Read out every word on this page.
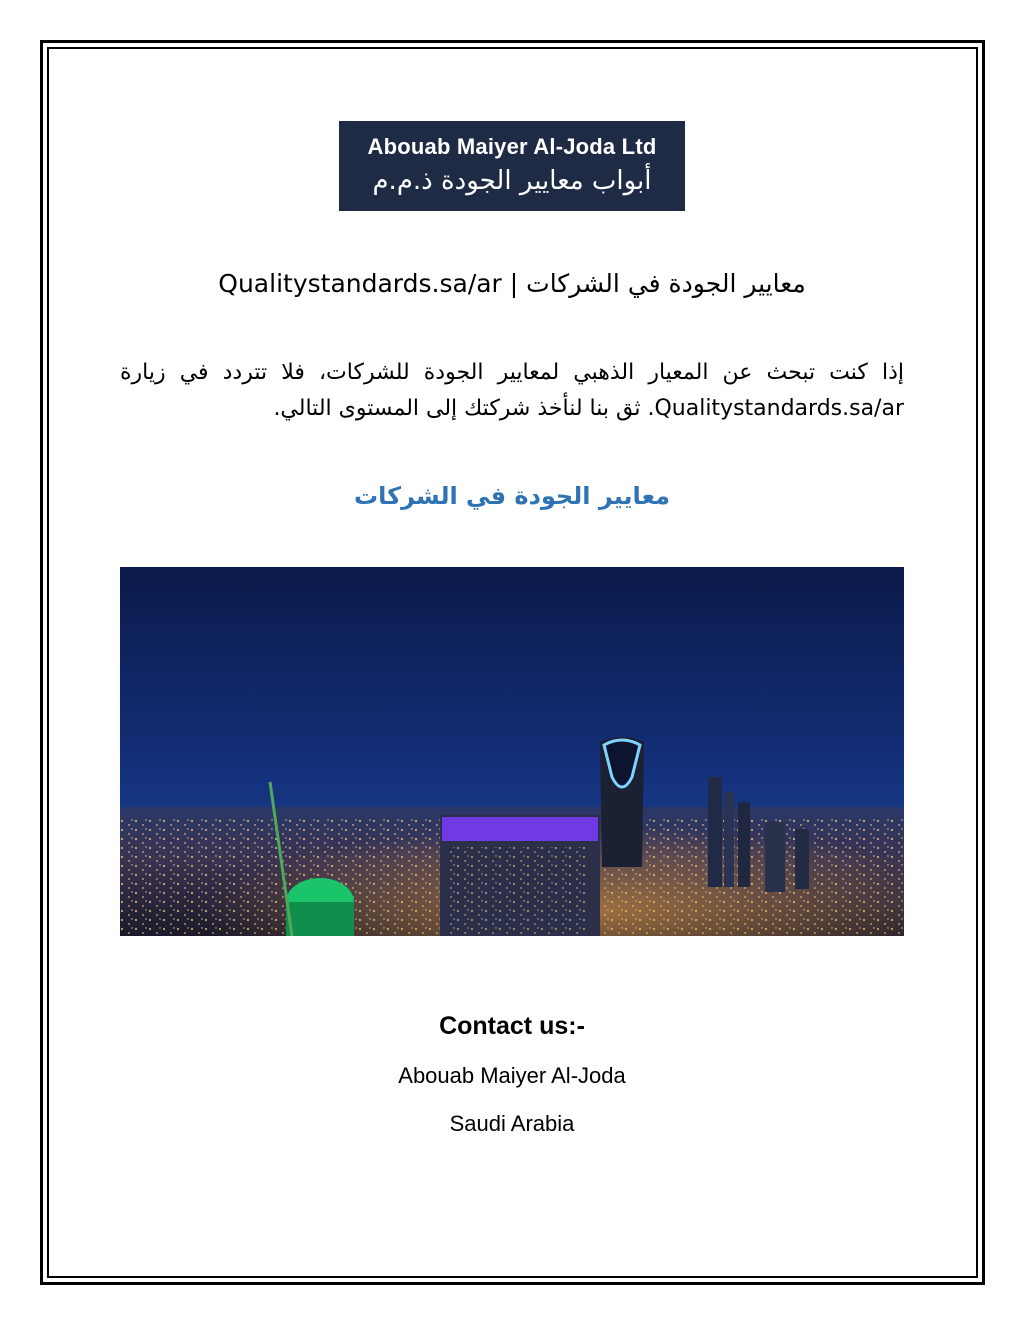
Abouab Maiyer Al-Joda Ltd
أبواب معايير الجودة ذ.م.م
Qualitystandards.sa/ar | معايير الجودة في الشركات
إذا كنت تبحث عن المعيار الذهبي لمعايير الجودة للشركات، فلا تتردد في زيارة Qualitystandards.sa/ar. ثق بنا لنأخذ شركتك إلى المستوى التالي.
معايير الجودة في الشركات
Contact us:-
Abouab Maiyer Al-Joda
Saudi Arabia
